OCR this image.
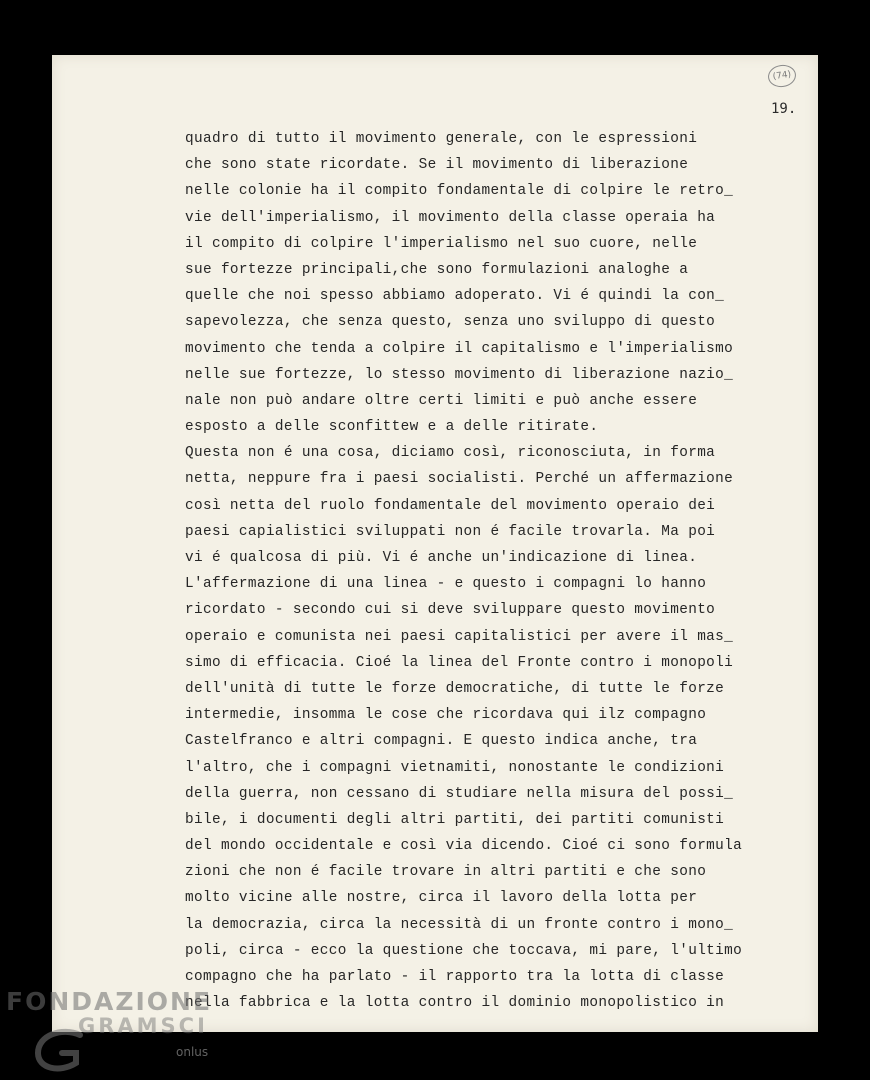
(74)
19.
quadro di tutto il movimento generale, con le espressioni
che sono state ricordate. Se il movimento di liberazione
nelle colonie ha il compito fondamentale di colpire le retro_
vie dell'imperialismo, il movimento della classe operaia ha
il compito di colpire l'imperialismo nel suo cuore, nelle
sue fortezze principali,che sono formulazioni analoghe a
quelle che noi spesso abbiamo adoperato. Vi é quindi la con_
sapevolezza, che senza questo, senza uno sviluppo di questo
movimento che tenda a colpire il capitalismo e l'imperialismo
nelle sue fortezze, lo stesso movimento di liberazione nazio_
nale non può andare oltre certi limiti e può anche essere
esposto a delle sconfittew e a delle ritirate.
Questa non é una cosa, diciamo così, riconosciuta, in forma
netta, neppure fra i paesi socialisti. Perché un affermazione
così netta del ruolo fondamentale del movimento operaio dei
paesi capialistici sviluppati non é facile trovarla. Ma poi
vi é qualcosa di più. Vi é anche un'indicazione di linea.
L'affermazione di una linea - e questo i compagni lo hanno
ricordato - secondo cui si deve sviluppare questo movimento
operaio e comunista nei paesi capitalistici per avere il mas_
simo di efficacia. Cioé la linea del Fronte contro i monopoli
dell'unità di tutte le forze democratiche, di tutte le forze
intermedie, insomma le cose che ricordava qui ilz compagno
Castelfranco e altri compagni. E questo indica anche, tra
l'altro, che i compagni vietnamiti, nonostante le condizioni
della guerra, non cessano di studiare nella misura del possi_
bile, i documenti degli altri partiti, dei partiti comunisti
del mondo occidentale e così via dicendo. Cioé ci sono formula
zioni che non é facile trovare in altri partiti e che sono
molto vicine alle nostre, circa il lavoro della lotta per
la democrazia, circa la necessità di un fronte contro i mono_
poli, circa - ecco la questione che toccava, mi pare, l'ultimo
compagno che ha parlato - il rapporto tra la lotta di classe
nella fabbrica e la lotta contro il dominio monopolistico in
FONDAZIONE
GRAMSCI
onlus
